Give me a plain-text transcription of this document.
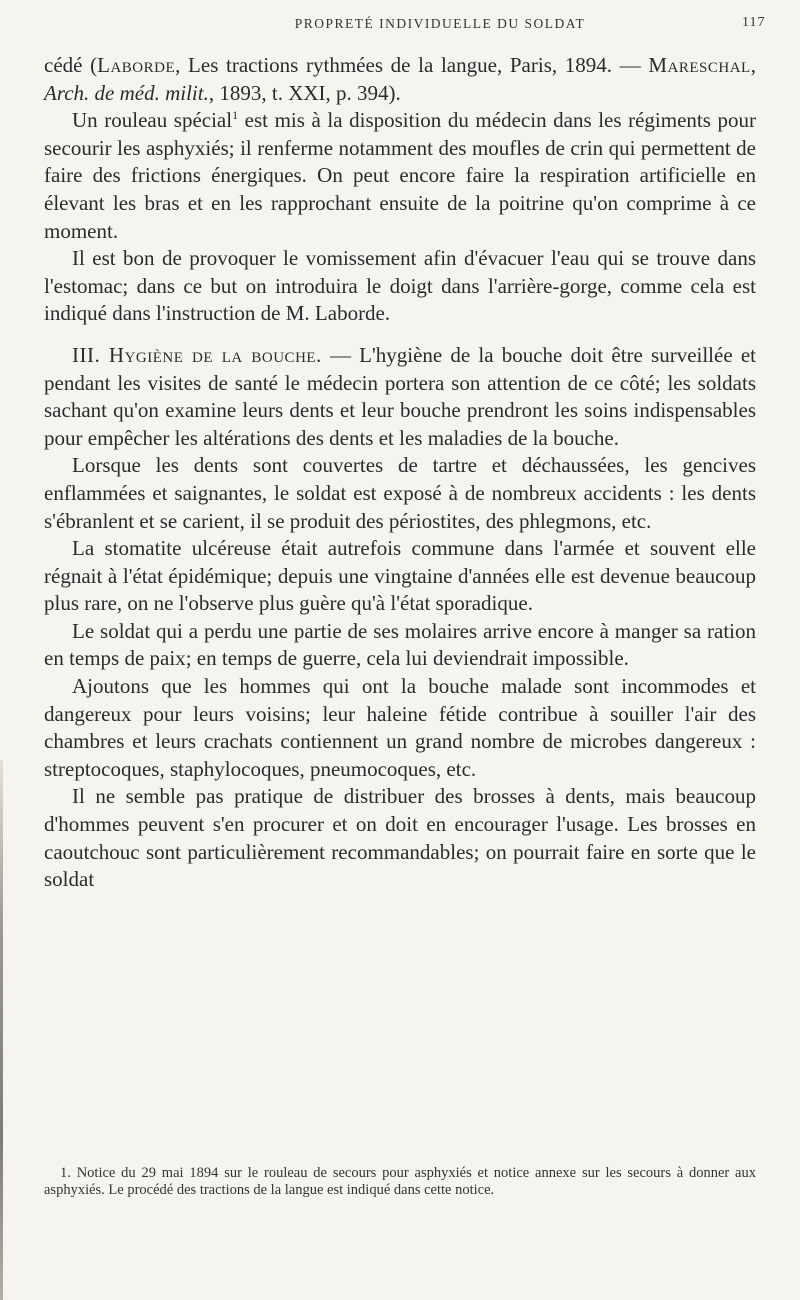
PROPRETÉ INDIVIDUELLE DU SOLDAT	117

cédé (Laborde, Les tractions rythmées de la langue, Paris, 1894. — Mareschal, Arch. de méd. milit., 1893, t. XXI, p. 394).

Un rouleau spécial$^1$ est mis à la disposition du médecin dans les régiments pour secourir les asphyxiés; il renferme notamment des moufles de crin qui permettent de faire des frictions énergiques. On peut encore faire la respiration artificielle en élevant les bras et en les rapprochant ensuite de la poitrine qu'on comprime à ce moment.

Il est bon de provoquer le vomissement afin d'évacuer l'eau qui se trouve dans l'estomac; dans ce but on introduira le doigt dans l'arrière-gorge, comme cela est indiqué dans l'instruction de M. Laborde.

III. Hygiène de la bouche. — L'hygiène de la bouche doit être surveillée et pendant les visites de santé le médecin portera son attention de ce côté; les soldats sachant qu'on examine leurs dents et leur bouche prendront les soins indispensables pour empêcher les altérations des dents et les maladies de la bouche.

Lorsque les dents sont couvertes de tartre et déchaussées, les gencives enflammées et saignantes, le soldat est exposé à de nombreux accidents : les dents s'ébranlent et se carient, il se produit des périostites, des phlegmons, etc.

La stomatite ulcéreuse était autrefois commune dans l'armée et souvent elle régnait à l'état épidémique; depuis une vingtaine d'années elle est devenue beaucoup plus rare, on ne l'observe plus guère qu'à l'état sporadique.

Le soldat qui a perdu une partie de ses molaires arrive encore à manger sa ration en temps de paix; en temps de guerre, cela lui deviendrait impossible.

Ajoutons que les hommes qui ont la bouche malade sont incommodes et dangereux pour leurs voisins; leur haleine fétide contribue à souiller l'air des chambres et leurs crachats contiennent un grand nombre de microbes dangereux : streptocoques, staphylocoques, pneumocoques, etc.

Il ne semble pas pratique de distribuer des brosses à dents, mais beaucoup d'hommes peuvent s'en procurer et on doit en encourager l'usage. Les brosses en caoutchouc sont particulièrement recommandables; on pourrait faire en sorte que le soldat

1. Notice du 29 mai 1894 sur le rouleau de secours pour asphyxiés et notice annexe sur les secours à donner aux asphyxiés. Le procédé des tractions de la langue est indiqué dans cette notice.
